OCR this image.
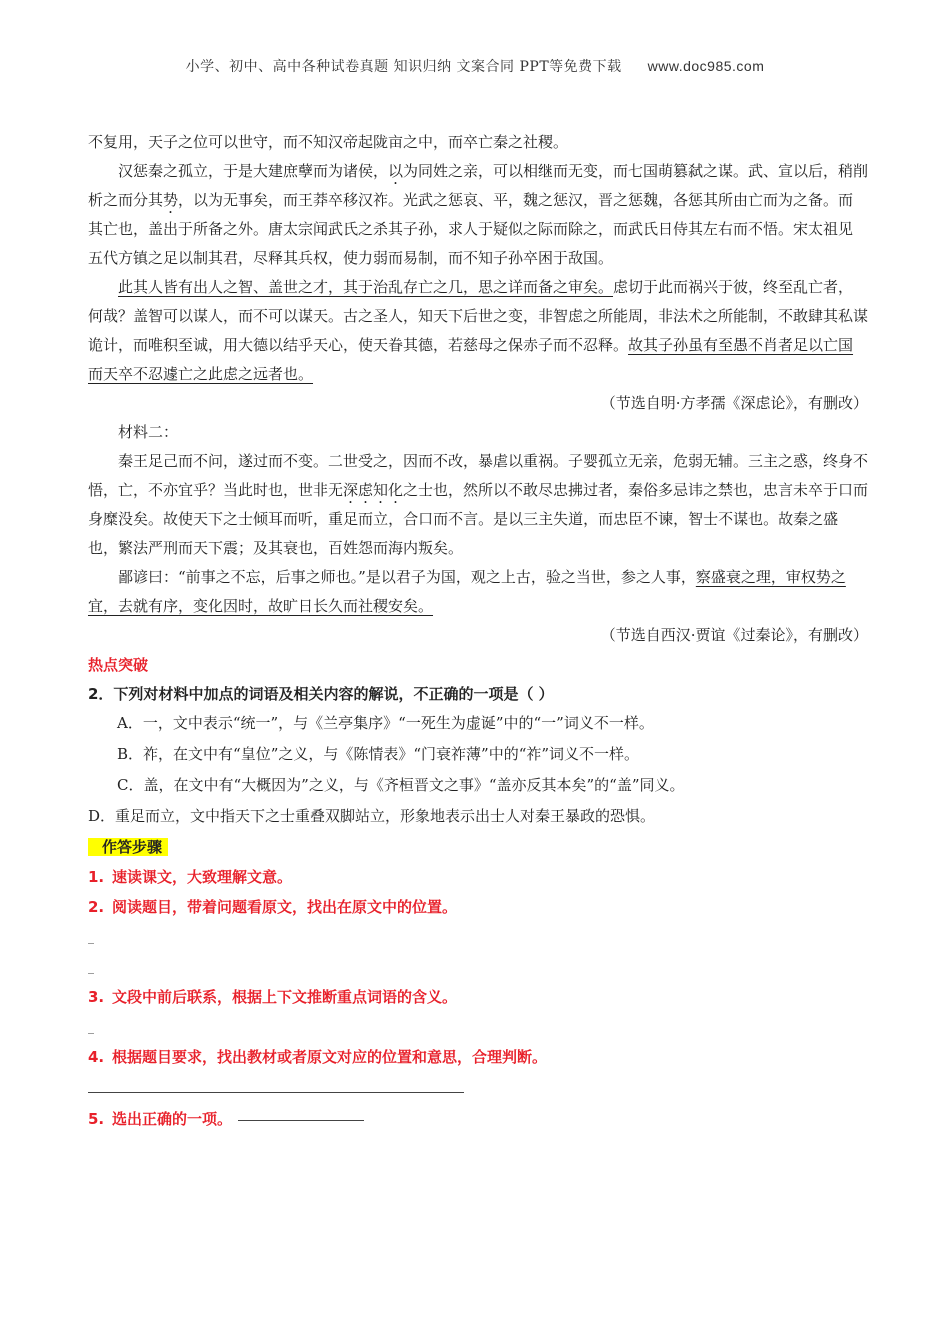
小学、初中、高中各种试卷真题 知识归纳 文案合同 PPT等免费下载 www.doc985.com

不复用，天子之位可以世守，而不知汉帝起陇亩之中，而卒亡秦之社稷。

汉惩秦之孤立，于是大建庶孽而为诸侯，以为同姓之亲，可以相继而无变，而七国萌篡弑之谋。武、宣以后，稍削析之而分其势，以为无事矣，而王莽卒移汉祚。光武之惩哀、平，魏之惩汉，晋之惩魏，各惩其所由亡而为之备。而其亡也，盖出于所备之外。唐太宗闻武氏之杀其子孙，求人于疑似之际而除之，而武氏日侍其左右而不悟。宋太祖见五代方镇之足以制其君，尽释其兵权，使力弱而易制，而不知子孙卒困于敌国。

此其人皆有出人之智、盖世之才，其于治乱存亡之几，思之详而备之审矣。虑切于此而祸兴于彼，终至乱亡者，何哉？盖智可以谋人，而不可以谋天。古之圣人，知天下后世之变，非智虑之所能周，非法术之所能制，不敢肆其私谋诡计，而唯积至诚，用大德以结乎天心，使天眷其德，若慈母之保赤子而不忍释。故其子孙虽有至愚不肖者足以亡国而天卒不忍遽亡之此虑之远者也。

（节选自明·方孝孺《深虑论》，有删改）

材料二：

秦王足己而不问，遂过而不变。二世受之，因而不改，暴虐以重祸。子婴孤立无亲，危弱无辅。三主之惑，终身不悟，亡，不亦宜乎？当此时也，世非无深虑知化之士也，然所以不敢尽忠拂过者，秦俗多忌讳之禁也，忠言未卒于口而身糜没矣。故使天下之士倾耳而听，重足而立，合口而不言。是以三主失道，而忠臣不谏，智士不谋也。故秦之盛也，繁法严刑而天下震；及其衰也，百姓怨而海内叛矣。

鄙谚曰：“前事之不忘，后事之师也。”是以君子为国，观之上古，验之当世，参之人事，察盛衰之理，审权势之宜，去就有序，变化因时，故旷日长久而社稷安矣。

（节选自西汉·贾谊《过秦论》，有删改）

热点突破

2．下列对材料中加点的词语及相关内容的解说，不正确的一项是（ ）

A．一，文中表示“统一”，与《兰亭集序》“一死生为虚诞”中的“一”词义不一样。

B．祚，在文中有“皇位”之义，与《陈情表》“门衰祚薄”中的“祚”词义不一样。

C．盖，在文中有“大概因为”之义，与《齐桓晋文之事》“盖亦反其本矣”的“盖”同义。

D．重足而立，文中指天下之士重叠双脚站立，形象地表示出士人对秦王暴政的恐惧。

作答步骤

1. 速读课文，大致理解文意。

2. 阅读题目，带着问题看原文，找出在原文中的位置。

_

_

3. 文段中前后联系，根据上下文推断重点词语的含义。

_

4. 根据题目要求，找出教材或者原文对应的位置和意思，合理判断。

5. 选出正确的一项。
